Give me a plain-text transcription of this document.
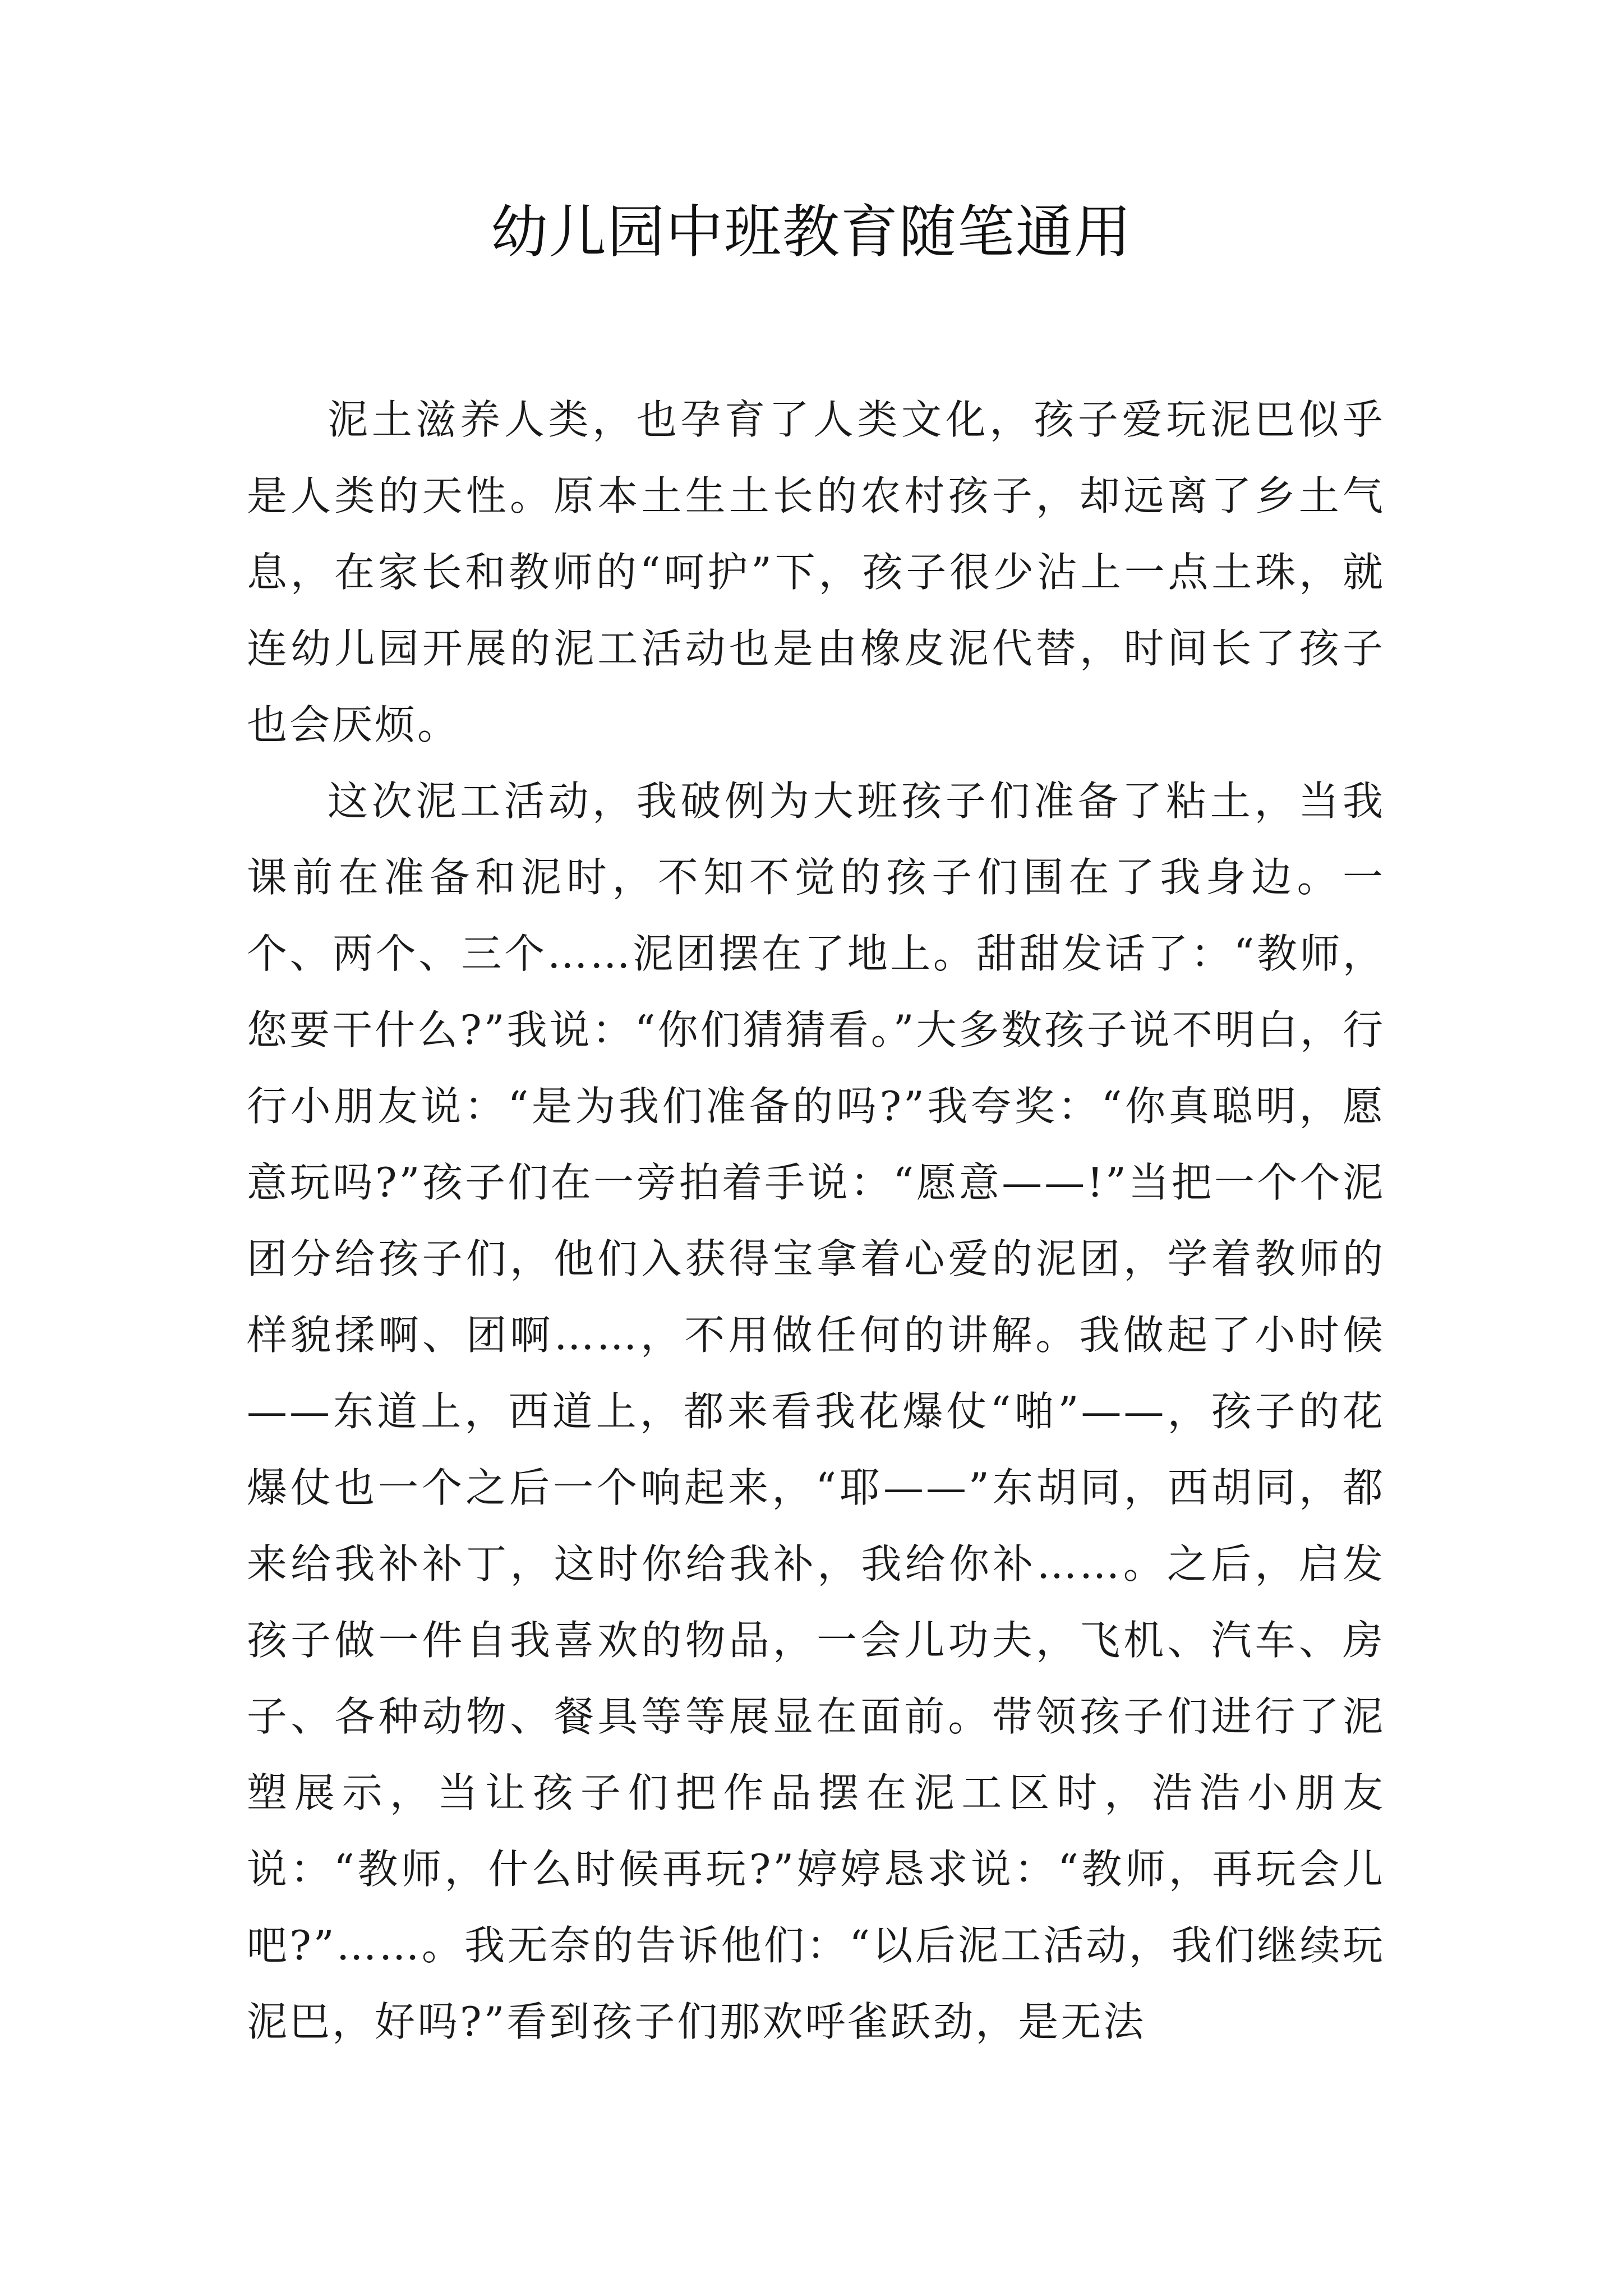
幼儿园中班教育随笔通用

泥土滋养人类，也孕育了人类文化，孩子爱玩泥巴似乎是人类的天性。原本土生土长的农村孩子，却远离了乡土气息，在家长和教师的“呵护”下，孩子很少沾上一点土珠，就连幼儿园开展的泥工活动也是由橡皮泥代替，时间长了孩子也会厌烦。

这次泥工活动，我破例为大班孩子们准备了粘土，当我课前在准备和泥时，不知不觉的孩子们围在了我身边。一个、两个、三个……泥团摆在了地上。甜甜发话了：“教师，您要干什么?”我说：“你们猜猜看。”大多数孩子说不明白，行行小朋友说：“是为我们准备的吗?”我夸奖：“你真聪明，愿意玩吗?”孩子们在一旁拍着手说：“愿意——!”当把一个个泥团分给孩子们，他们入获得宝拿着心爱的泥团，学着教师的样貌揉啊、团啊……，不用做任何的讲解。我做起了小时候——东道上，西道上，都来看我花爆仗“啪”——，孩子的花爆仗也一个之后一个响起来，“耶——”东胡同，西胡同，都来给我补补丁，这时你给我补，我给你补……。之后，启发孩子做一件自我喜欢的物品，一会儿功夫，飞机、汽车、房子、各种动物、餐具等等展显在面前。带领孩子们进行了泥塑展示，当让孩子们把作品摆在泥工区时，浩浩小朋友说：“教师，什么时候再玩?”婷婷恳求说：“教师，再玩会儿吧?”……。我无奈的告诉他们：“以后泥工活动，我们继续玩泥巴，好吗?”看到孩子们那欢呼雀跃劲，是无法
